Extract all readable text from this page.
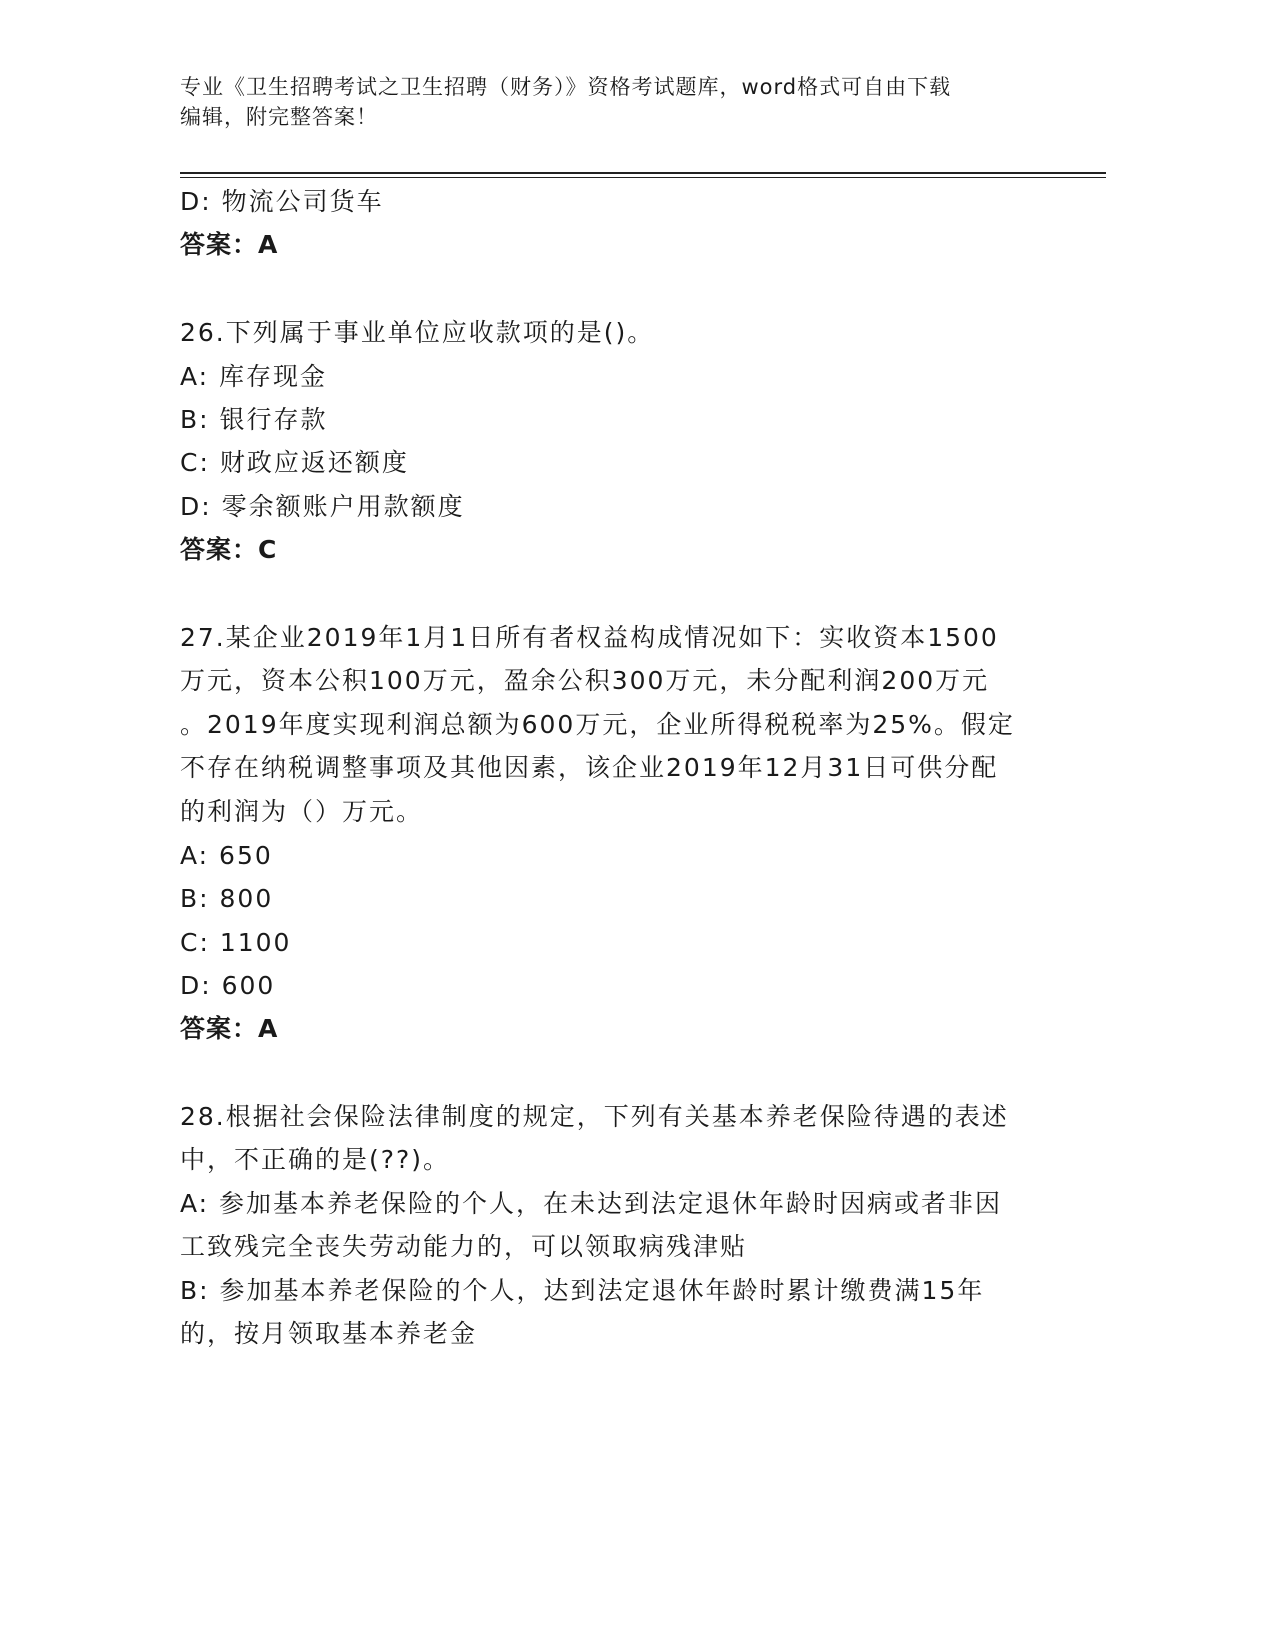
专业《卫生招聘考试之卫生招聘（财务）》资格考试题库，word格式可自由下载
编辑，附完整答案！
D: 物流公司货车
答案：A
26.下列属于事业单位应收款项的是()。
A: 库存现金
B: 银行存款
C: 财政应返还额度
D: 零余额账户用款额度
答案：C
27.某企业2019年1月1日所有者权益构成情况如下：实收资本1500
万元，资本公积100万元，盈余公积300万元，未分配利润200万元
。2019年度实现利润总额为600万元，企业所得税税率为25%。假定
不存在纳税调整事项及其他因素，该企业2019年12月31日可供分配
的利润为（）万元。
A: 650
B: 800
C: 1100
D: 600
答案：A
28.根据社会保险法律制度的规定，下列有关基本养老保险待遇的表述
中，不正确的是(??)。
A: 参加基本养老保险的个人，在未达到法定退休年龄时因病或者非因
工致残完全丧失劳动能力的，可以领取病残津贴
B: 参加基本养老保险的个人，达到法定退休年龄时累计缴费满15年
的，按月领取基本养老金
